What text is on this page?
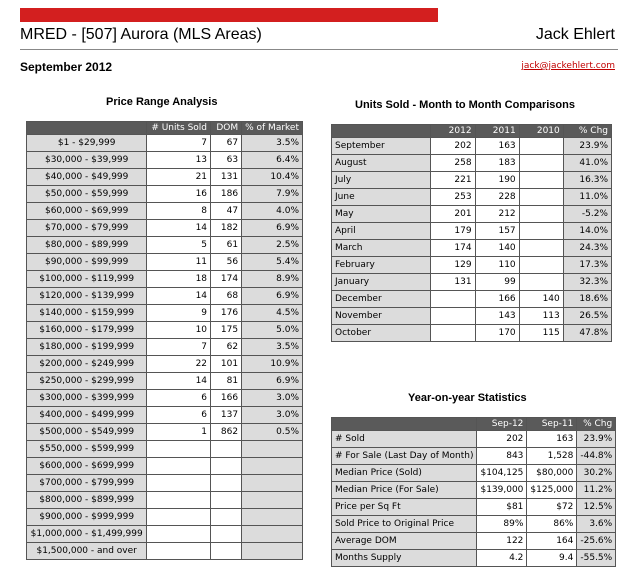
MRED - [507] Aurora (MLS Areas)	Jack Ehlert
September 2012	jack@jackehlert.com
Price Range Analysis
	# Units Sold	DOM	% of Market
$1 - $29,999	7	67	3.5%
$30,000 - $39,999	13	63	6.4%
$40,000 - $49,999	21	131	10.4%
$50,000 - $59,999	16	186	7.9%
$60,000 - $69,999	8	47	4.0%
$70,000 - $79,999	14	182	6.9%
$80,000 - $89,999	5	61	2.5%
$90,000 - $99,999	11	56	5.4%
$100,000 - $119,999	18	174	8.9%
$120,000 - $139,999	14	68	6.9%
$140,000 - $159,999	9	176	4.5%
$160,000 - $179,999	10	175	5.0%
$180,000 - $199,999	7	62	3.5%
$200,000 - $249,999	22	101	10.9%
$250,000 - $299,999	14	81	6.9%
$300,000 - $399,999	6	166	3.0%
$400,000 - $499,999	6	137	3.0%
$500,000 - $549,999	1	862	0.5%
$550,000 - $599,999			
$600,000 - $699,999			
$700,000 - $799,999			
$800,000 - $899,999			
$900,000 - $999,999			
$1,000,000 - $1,499,999			
$1,500,000 - and over			
Units Sold - Month to Month Comparisons
	2012	2011	2010	% Chg
September	202	163		23.9%
August	258	183		41.0%
July	221	190		16.3%
June	253	228		11.0%
May	201	212		-5.2%
April	179	157		14.0%
March	174	140		24.3%
February	129	110		17.3%
January	131	99		32.3%
December		166	140	18.6%
November		143	113	26.5%
October		170	115	47.8%
Year-on-year Statistics
	Sep-12	Sep-11	% Chg
# Sold	202	163	23.9%
# For Sale (Last Day of Month)	843	1,528	-44.8%
Median Price (Sold)	$104,125	$80,000	30.2%
Median Price (For Sale)	$139,000	$125,000	11.2%
Price per Sq Ft	$81	$72	12.5%
Sold Price to Original Price	89%	86%	3.6%
Average DOM	122	164	-25.6%
Months Supply	4.2	9.4	-55.5%
